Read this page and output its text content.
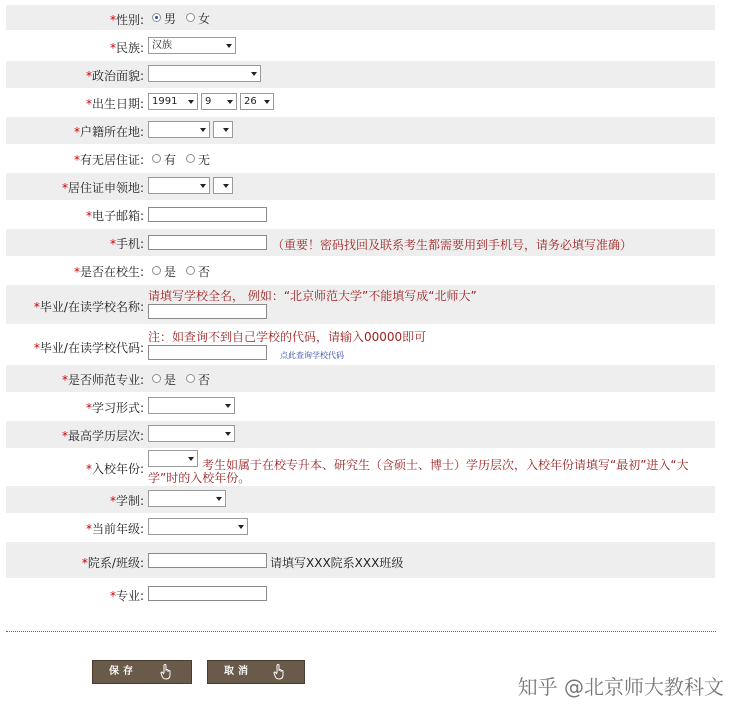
*性别: 男 女
*民族: 汉族
*政治面貌:
*出生日期: 1991	9	26
*户籍所在地:
*有无居住证: 有 无
*居住证申领地:
*电子邮箱:
*手机:	（重要！密码找回及联系考生都需要用到手机号，请务必填写准确）
*是否在校生: 是 否
*毕业/在读学校名称:
请填写学校全名， 例如：“北京师范大学”不能填写成“北师大”
*毕业/在读学校代码:
注：如查询不到自己学校的代码，请输入00000即可
点此查询学校代码
*是否师范专业: 是 否
*学习形式:
*最高学历层次:
*入校年份:	考生如属于在校专升本、研究生（含硕士、博士）学历层次，入校年份请填写“最初”进入“大
学”时的入校年份。
*学制:
*当前年级:
*院系/班级:	请填写XXX院系XXX班级
*专业:
保存	取消
知乎 @北京师大教科文
